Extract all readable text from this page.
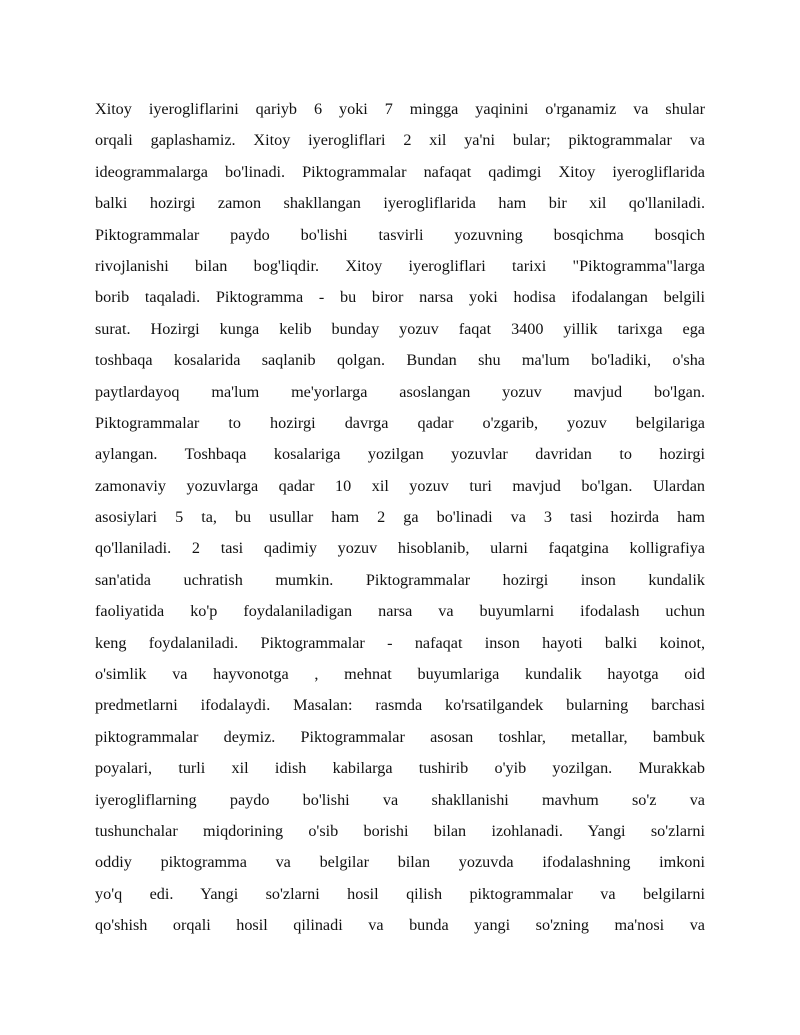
Xitoy iyerogliflarini qariyb 6 yoki 7 mingga yaqinini o'rganamiz va shular
orqali gaplashamiz. Xitoy iyerogliflari 2 xil ya'ni bular; piktogrammalar va
ideogrammalarga bo'linadi. Piktogrammalar nafaqat qadimgi Xitoy iyerogliflarida
balki hozirgi zamon shakllangan iyerogliflarida ham bir xil qo'llaniladi.
Piktogrammalar paydo bo'lishi tasvirli yozuvning bosqichma bosqich
rivojlanishi bilan bog'liqdir. Xitoy iyerogliflari tarixi "Piktogramma"larga
borib taqaladi. Piktogramma - bu biror narsa yoki hodisa ifodalangan belgili
surat. Hozirgi kunga kelib bunday yozuv faqat 3400 yillik tarixga ega
toshbaqa kosalarida saqlanib qolgan. Bundan shu ma'lum bo'ladiki, o'sha
paytlardayoq ma'lum me'yorlarga asoslangan yozuv mavjud bo'lgan.
Piktogrammalar to hozirgi davrga qadar o'zgarib, yozuv belgilariga
aylangan. Toshbaqa kosalariga yozilgan yozuvlar davridan to hozirgi
zamonaviy yozuvlarga qadar 10 xil yozuv turi mavjud bo'lgan. Ulardan
asosiylari 5 ta, bu usullar ham 2 ga bo'linadi va 3 tasi hozirda ham
qo'llaniladi. 2 tasi qadimiy yozuv hisoblanib, ularni faqatgina kolligrafiya
san'atida uchratish mumkin. Piktogrammalar hozirgi inson kundalik
faoliyatida ko'p foydalaniladigan narsa va buyumlarni ifodalash uchun
keng foydalaniladi. Piktogrammalar - nafaqat inson hayoti balki koinot,
o'simlik va hayvonotga , mehnat buyumlariga kundalik hayotga oid
predmetlarni ifodalaydi. Masalan: rasmda ko'rsatilgandek bularning barchasi
piktogrammalar deymiz. Piktogrammalar asosan toshlar, metallar, bambuk
poyalari, turli xil idish kabilarga tushirib o'yib yozilgan. Murakkab
iyerogliflarning paydo bo'lishi va shakllanishi mavhum so'z va
tushunchalar miqdorining o'sib borishi bilan izohlanadi. Yangi so'zlarni
oddiy piktogramma va belgilar bilan yozuvda ifodalashning imkoni
yo'q edi. Yangi so'zlarni hosil qilish piktogrammalar va belgilarni
qo'shish orqali hosil qilinadi va bunda yangi so'zning ma'nosi va
